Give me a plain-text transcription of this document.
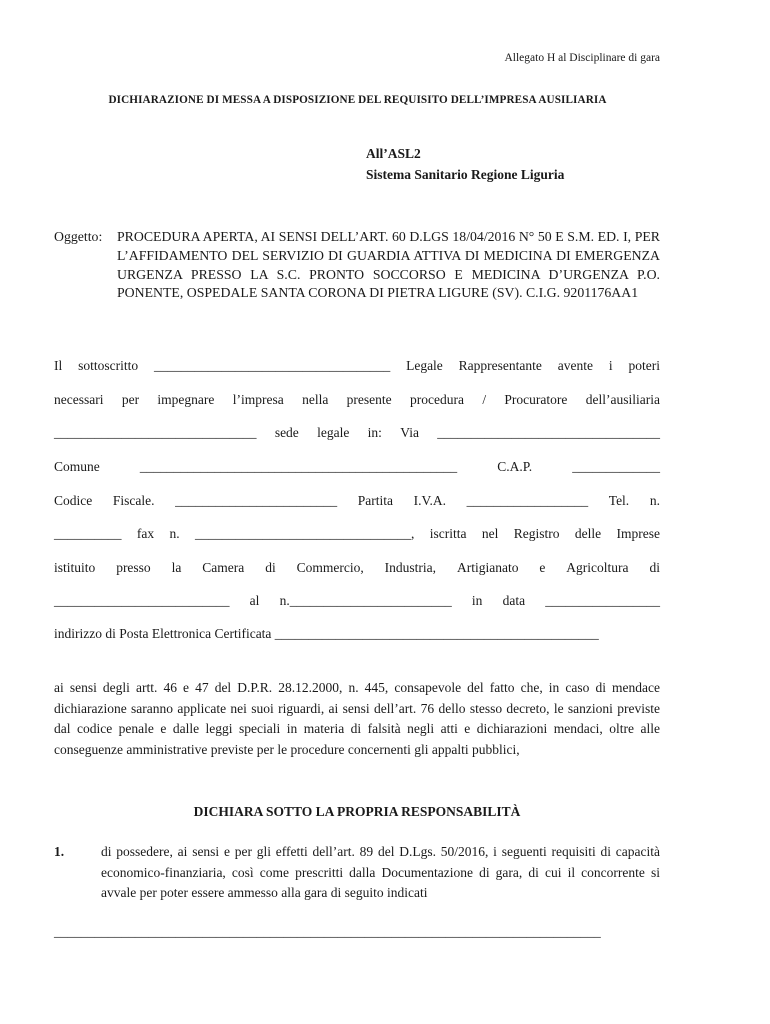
Allegato H al Disciplinare di gara
DICHIARAZIONE DI MESSA A DISPOSIZIONE DEL REQUISITO DELL’IMPRESA AUSILIARIA
All’ASL2
Sistema Sanitario Regione Liguria
Oggetto: PROCEDURA APERTA, AI SENSI DELL’ART. 60 D.LGS 18/04/2016 N° 50 E S.M. ED. I, PER L’AFFIDAMENTO DEL SERVIZIO DI GUARDIA ATTIVA DI MEDICINA DI EMERGENZA URGENZA PRESSO LA S.C. PRONTO SOCCORSO E MEDICINA D’URGENZA P.O. PONENTE, OSPEDALE SANTA CORONA DI PIETRA LIGURE (SV). C.I.G. 9201176AA1
Il sottoscritto ___________________________________ Legale Rappresentante avente i poteri
necessari per impegnare l’impresa nella presente procedura / Procuratore dell’ausiliaria
______________________________ sede legale in: Via _________________________________
Comune	_______________________________________________	C.A.P.	_____________
Codice Fiscale. ________________________ Partita I.V.A. __________________ Tel. n.
__________ fax n. ________________________________, iscritta nel Registro delle Imprese
istituito presso la Camera di Commercio, Industria, Artigianato e Agricoltura di
__________________________ al n.________________________ in data _________________
indirizzo di Posta Elettronica Certificata ________________________________________________
ai sensi degli artt. 46 e 47 del D.P.R. 28.12.2000, n. 445, consapevole del fatto che, in caso di mendace dichiarazione saranno applicate nei suoi riguardi, ai sensi dell’art. 76 dello stesso decreto, le sanzioni previste dal codice penale e dalle leggi speciali in materia di falsità negli atti e dichiarazioni mendaci, oltre alle conseguenze amministrative previste per le procedure concernenti gli appalti pubblici,
DICHIARA SOTTO LA PROPRIA RESPONSABILITÀ
1.	di possedere, ai sensi e per gli effetti dell’art. 89 del D.Lgs. 50/2016, i seguenti requisiti di capacità economico-finanziaria, così come prescritti dalla Documentazione di gara, di cui il concorrente si avvale per poter essere ammesso alla gara di seguito indicati
_________________________________________________________________________________
